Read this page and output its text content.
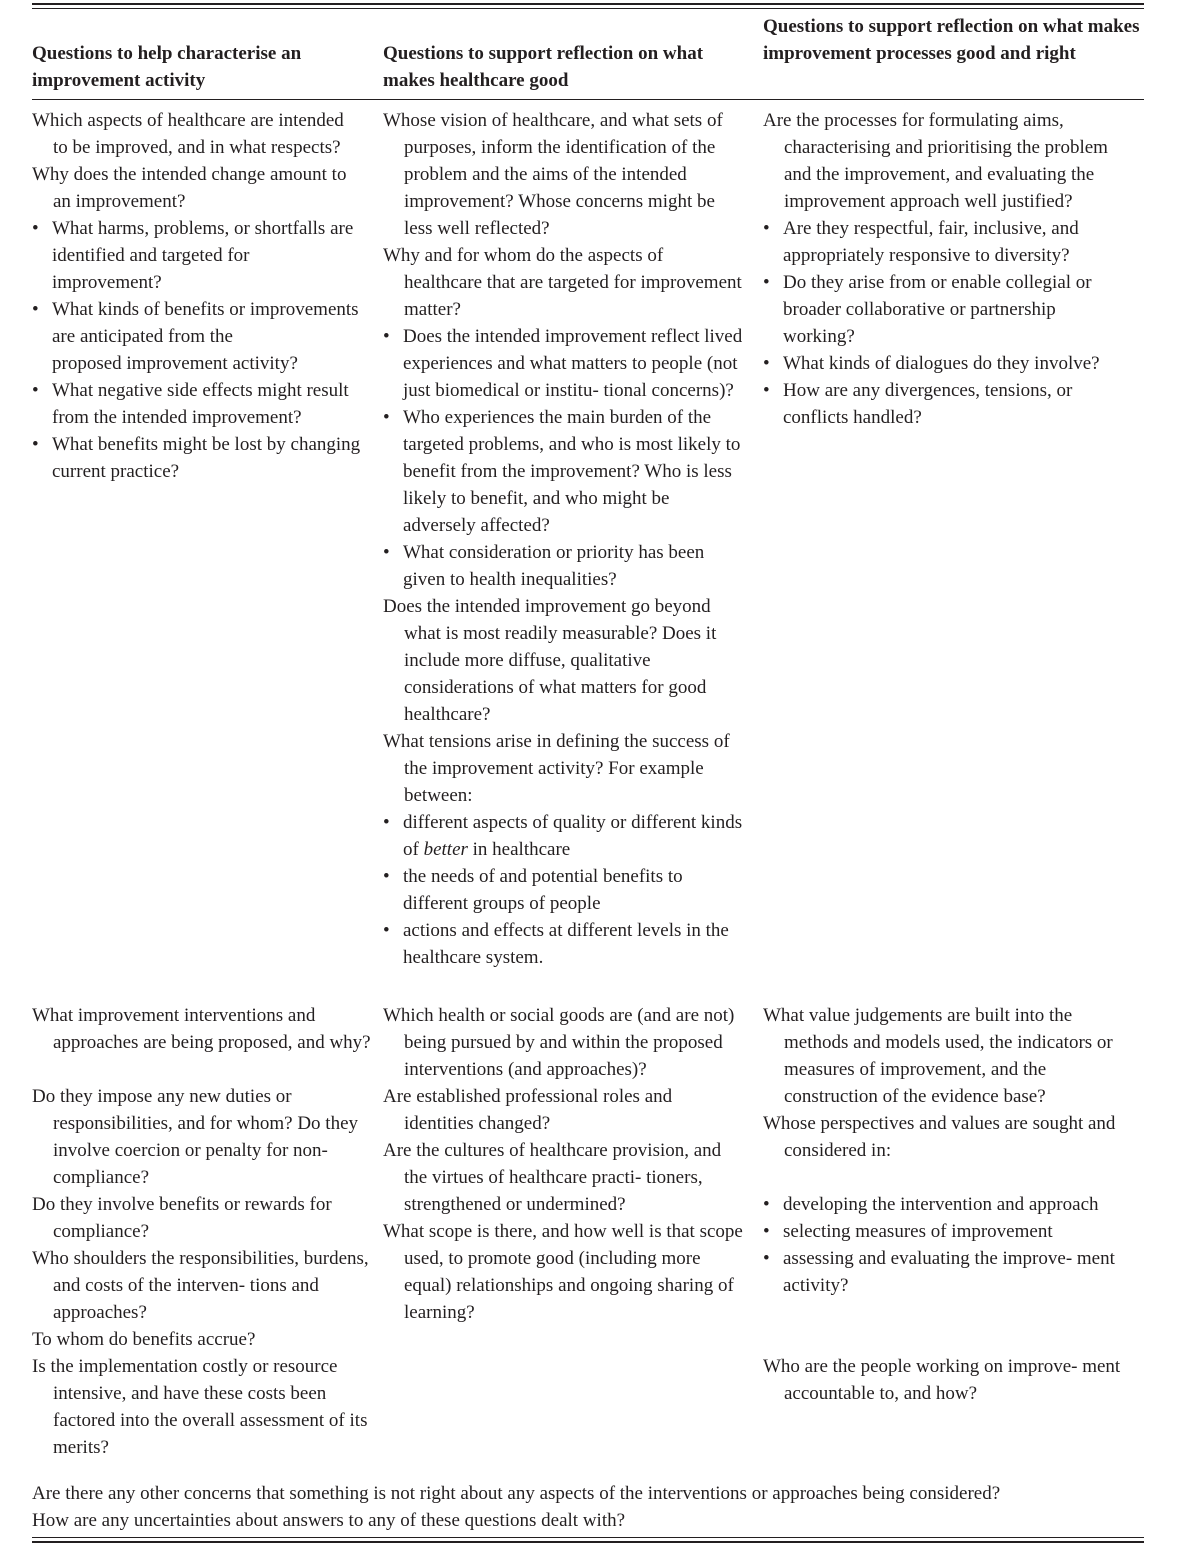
Questions to help characterise an improvement activity
Questions to support reflection on what makes healthcare good
Questions to support reflection on what makes improvement processes good and right

Which aspects of healthcare are intended to be improved, and in what respects?

Why does the intended change amount to an improvement?

• What harms, problems, or shortfalls are identified and targeted for improvement?

• What kinds of benefits or improvements are anticipated from the
proposed improvement activity?

• What negative side effects might result from the intended improvement?

• What benefits might be lost by changing current practice?

Whose vision of healthcare, and what sets of purposes, inform the identification of the problem and the aims of the intended improvement? Whose concerns might be less well reflected?

Why and for whom do the aspects of healthcare that are targeted for improvement matter?

• Does the intended improvement reflect lived experiences and what matters to people (not just biomedical or institu- tional concerns)?

• Who experiences the main burden of the targeted problems, and who is most likely to benefit from the improvement? Who is less likely to benefit, and who might be adversely affected?

• What consideration or priority has been given to health inequalities?

Does the intended improvement go beyond what is most readily measurable? Does it include more diffuse, qualitative considerations of what matters for good healthcare?

What tensions arise in defining the success of the improvement activity? For example between:

• different aspects of quality or different kinds of better in healthcare

• the needs of and potential benefits to different groups of people

• actions and effects at different levels in the healthcare system.

Are the processes for formulating aims, characterising and prioritising the problem and the improvement, and evaluating the improvement approach well justified?

• Are they respectful, fair, inclusive, and appropriately responsive to diversity?

• Do they arise from or enable collegial or broader collaborative or partnership working?

• What kinds of dialogues do they involve?

• How are any divergences, tensions, or conflicts handled?

What improvement interventions and approaches are being proposed, and why?

Do they impose any new duties or responsibilities, and for whom? Do they involve coercion or penalty for non-compliance?

Do they involve benefits or rewards for compliance?

Who shoulders the responsibilities, burdens, and costs of the interven- tions and approaches?

To whom do benefits accrue?

Is the implementation costly or resource intensive, and have these costs been factored into the overall assessment of its merits?

Which health or social goods are (and are not) being pursued by and within the proposed interventions (and approaches)?

Are established professional roles and identities changed?

Are the cultures of healthcare provision, and the virtues of healthcare practi- tioners, strengthened or undermined?

What scope is there, and how well is that scope used, to promote good (including more equal) relationships and ongoing sharing of learning?

What value judgements are built into the methods and models used, the indicators or measures of improvement, and the construction of the evidence base?

Whose perspectives and values are sought and considered in:

• developing the intervention and approach

• selecting measures of improvement

• assessing and evaluating the improve- ment activity?

Who are the people working on improve- ment accountable to, and how?

Are there any other concerns that something is not right about any aspects of the interventions or approaches being considered?
How are any uncertainties about answers to any of these questions dealt with?
